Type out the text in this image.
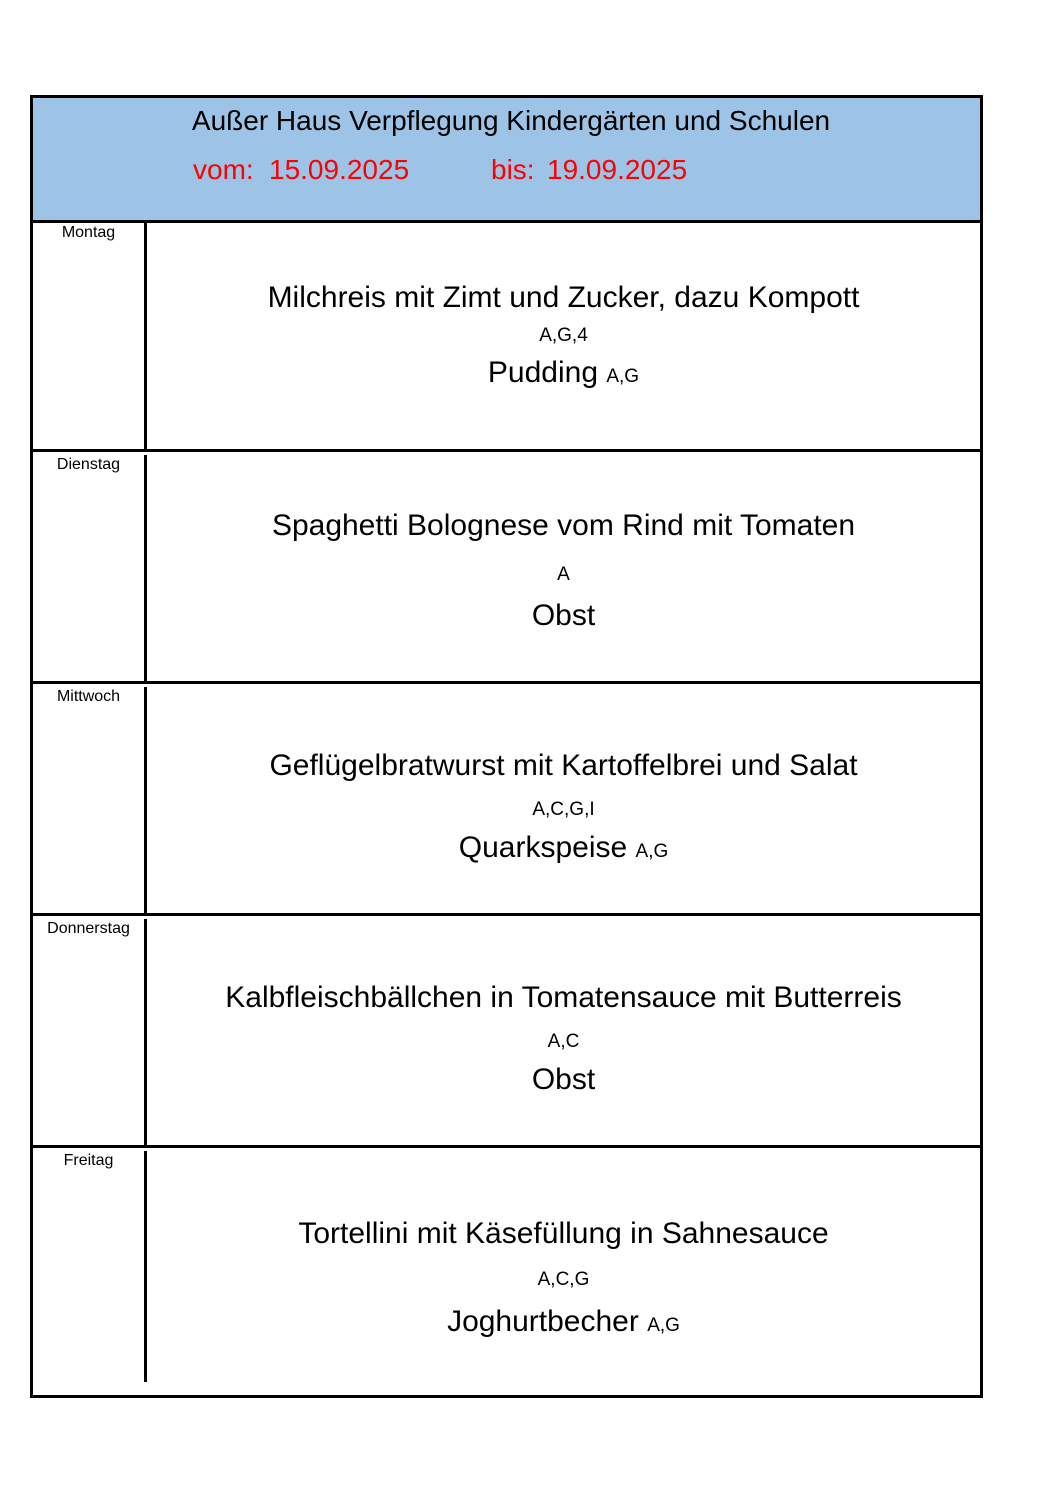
Außer Haus Verpflegung Kindergärten und Schulen
vom: 15.09.2025	bis: 19.09.2025
Montag
Milchreis mit Zimt und Zucker, dazu Kompott
A,G,4
Pudding A,G
Dienstag
Spaghetti Bolognese vom Rind mit Tomaten
A
Obst
Mittwoch
Geflügelbratwurst mit Kartoffelbrei und Salat
A,C,G,I
Quarkspeise A,G
Donnerstag
Kalbfleischbällchen in Tomatensauce mit Butterreis
A,C
Obst
Freitag
Tortellini mit Käsefüllung in Sahnesauce
A,C,G
Joghurtbecher A,G
